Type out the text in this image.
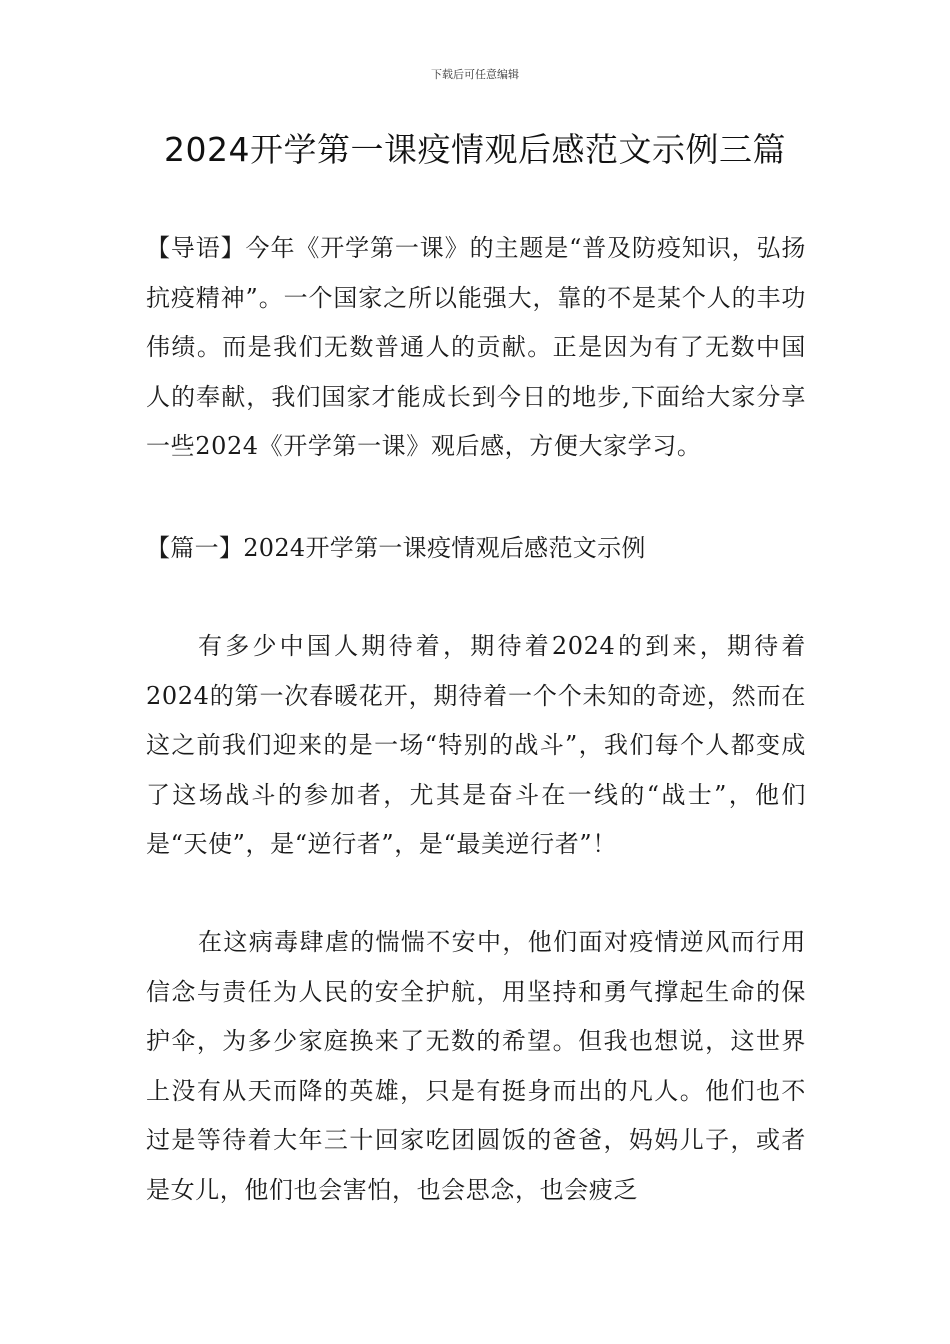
下载后可任意编辑
2024开学第一课疫情观后感范文示例三篇

【导语】今年《开学第一课》的主题是“普及防疫知识，弘扬抗疫精神”。一个国家之所以能强大，靠的不是某个人的丰功伟绩。而是我们无数普通人的贡献。正是因为有了无数中国人的奉献，我们国家才能成长到今日的地步,下面给大家分享一些2024《开学第一课》观后感，方便大家学习。

【篇一】2024开学第一课疫情观后感范文示例

有多少中国人期待着，期待着2024的到来，期待着2024的第一次春暖花开，期待着一个个未知的奇迹，然而在这之前我们迎来的是一场“特别的战斗”，我们每个人都变成了这场战斗的参加者，尤其是奋斗在一线的“战士”，他们是“天使”，是“逆行者”，是“最美逆行者”！

在这病毒肆虐的惴惴不安中，他们面对疫情逆风而行用信念与责任为人民的安全护航，用坚持和勇气撑起生命的保护伞，为多少家庭换来了无数的希望。但我也想说，这世界上没有从天而降的英雄，只是有挺身而出的凡人。他们也不过是等待着大年三十回家吃团圆饭的爸爸，妈妈儿子，或者是女儿，他们也会害怕，也会思念，也会疲乏
